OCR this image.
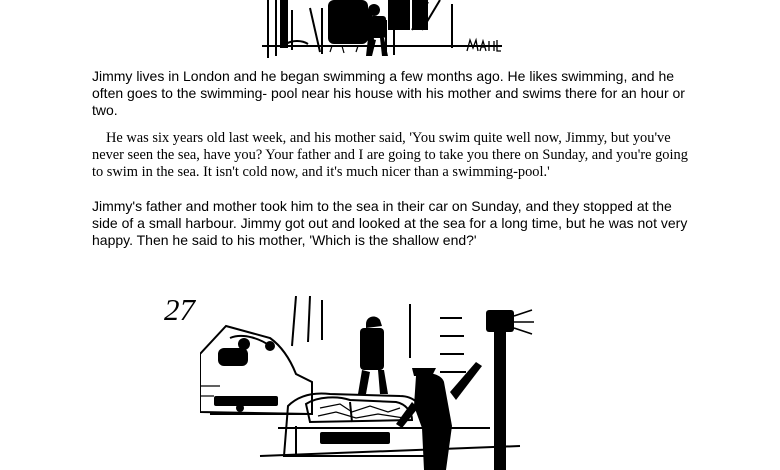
Jimmy lives in London and he began swimming a few months ago. He likes swimming, and he often goes to the swimming- pool near his house with his mother and swims there for an hour or two.

He was six years old last week, and his mother said, 'You swim quite well now, Jimmy, but you've never seen the sea, have you? Your father and I are going to take you there on Sunday, and you're going to swim in the sea. It isn't cold now, and it's much nicer than a swimming-pool.'

Jimmy's father and mother took him to the sea in their car on Sunday, and they stopped at the side of a small harbour. Jimmy got out and looked at the sea for a long time, but he was not very happy. Then he said to his mother, 'Which is the shallow end?'

27
